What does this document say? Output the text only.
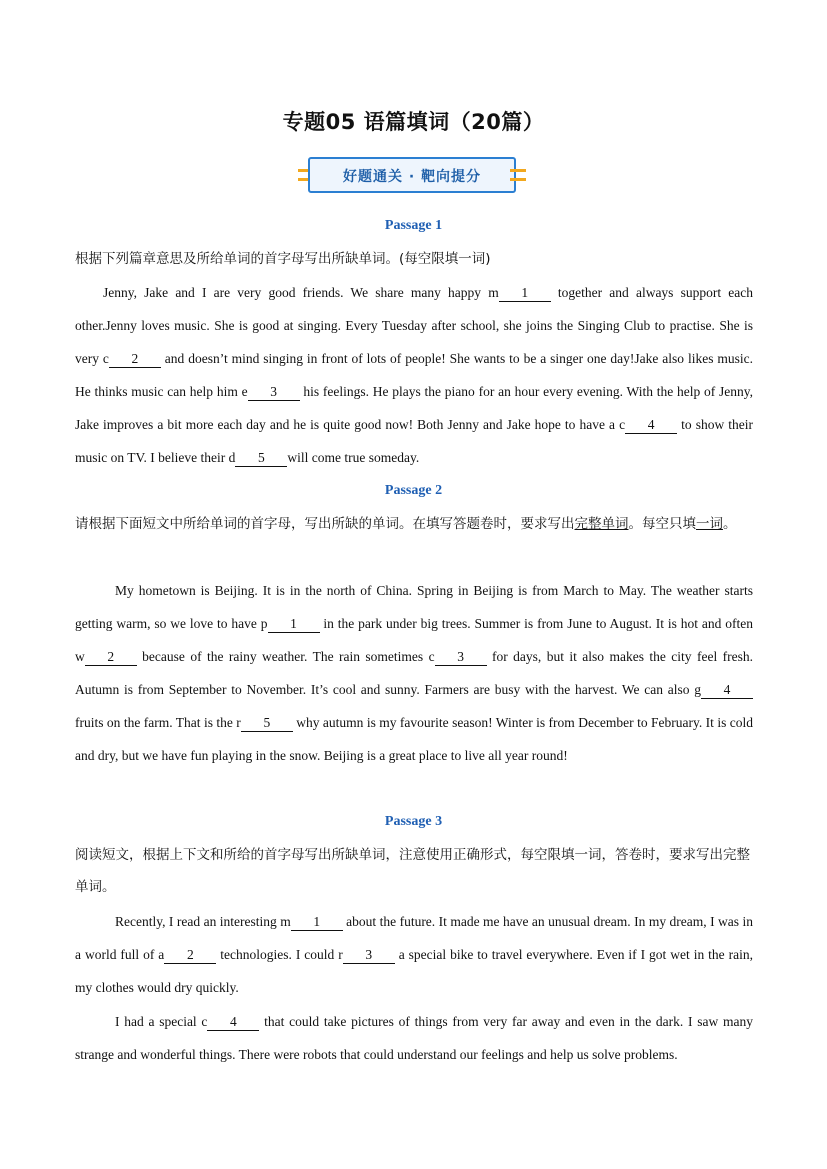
专题05 语篇填词（20篇）
好题通关 · 靶向提分
Passage 1
根据下列篇章意思及所给单词的首字母写出所缺单词。(每空限填一词)
Jenny, Jake and I are very good friends. We share many happy m 1 together and always support each other.Jenny loves music. She is good at singing. Every Tuesday after school, she joins the Singing Club to practise. She is very c 2 and doesn’t mind singing in front of lots of people! She wants to be a singer one day!Jake also likes music. He thinks music can help him e 3 his feelings. He plays the piano for an hour every evening. With the help of Jenny, Jake improves a bit more each day and he is quite good now! Both Jenny and Jake hope to have a c 4 to show their music on TV. I believe their d 5 will come true someday.
Passage 2
请根据下面短文中所给单词的首字母，写出所缺的单词。在填写答题卷时，要求写出完整单词。每空只填一词。
My hometown is Beijing. It is in the north of China. Spring in Beijing is from March to May. The weather starts getting warm, so we love to have p 1 in the park under big trees. Summer is from June to August. It is hot and often w 2 because of the rainy weather. The rain sometimes c 3 for days, but it also makes the city feel fresh. Autumn is from September to November. It’s cool and sunny. Farmers are busy with the harvest. We can also g 4 fruits on the farm. That is the r 5 why autumn is my favourite season! Winter is from December to February. It is cold and dry, but we have fun playing in the snow. Beijing is a great place to live all year round!
Passage 3
阅读短文，根据上下文和所给的首字母写出所缺单词，注意使用正确形式，每空限填一词，答卷时，要求写出完整单词。
Recently, I read an interesting m 1 about the future. It made me have an unusual dream. In my dream, I was in a world full of a 2 technologies. I could r 3 a special bike to travel everywhere. Even if I got wet in the rain, my clothes would dry quickly.
I had a special c 4 that could take pictures of things from very far away and even in the dark. I saw many strange and wonderful things. There were robots that could understand our feelings and help us solve problems.
